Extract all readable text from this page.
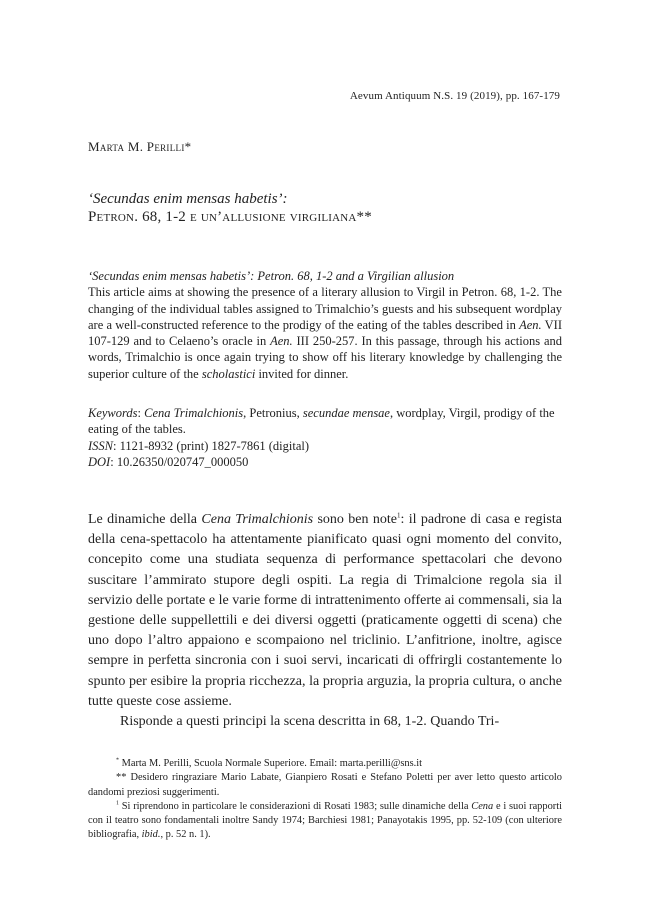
Aevum Antiquum N.S. 19 (2019), pp. 167-179
Marta M. Perilli*
‘Secundas enim mensas habetis’:
Petron. 68, 1-2 e un’allusione virgiliana**
‘Secundas enim mensas habetis’: Petron. 68, 1-2 and a Virgilian allusion
This article aims at showing the presence of a literary allusion to Virgil in Petron. 68, 1-2. The changing of the individual tables assigned to Trimalchio’s guests and his subsequent wordplay are a well-constructed reference to the prodigy of the eating of the tables described in Aen. VII 107-129 and to Celaeno’s oracle in Aen. III 250-257. In this passage, through his actions and words, Trimalchio is once again trying to show off his literary knowledge by challenging the superior culture of the scholastici invited for dinner.
Keywords: Cena Trimalchionis, Petronius, secundae mensae, wordplay, Virgil, prodigy of the eating of the tables.
ISSN: 1121-8932 (print) 1827-7861 (digital)
DOI: 10.26350/020747_000050

Le dinamiche della Cena Trimalchionis sono ben note$^1$: il padrone di casa e regista della cena-spettacolo ha attentamente pianificato quasi ogni momento del convito, concepito come una studiata sequenza di performance spettacolari che devono suscitare l’ammirato stupore degli ospiti. La regia di Trimalcione regola sia il servizio delle portate e le varie forme di intrattenimento offerte ai commensali, sia la gestione delle suppellettili e dei diversi oggetti (praticamente oggetti di scena) che uno dopo l’altro appaiono e scompaiono nel triclinio. L’anfitrione, inoltre, agisce sempre in perfetta sincronia con i suoi servi, incaricati di offrirgli costantemente lo spunto per esibire la propria ricchezza, la propria arguzia, la propria cultura, o anche tutte queste cose assieme.

Risponde a questi principi la scena descritta in 68, 1-2. Quando Tri-

* Marta M. Perilli, Scuola Normale Superiore. Email: marta.perilli@sns.it

** Desidero ringraziare Mario Labate, Gianpiero Rosati e Stefano Poletti per aver letto questo articolo dandomi preziosi suggerimenti.

$^1$ Si riprendono in particolare le considerazioni di Rosati 1983; sulle dinamiche della Cena e i suoi rapporti con il teatro sono fondamentali inoltre Sandy 1974; Barchiesi 1981; Panayotakis 1995, pp. 52-109 (con ulteriore bibliografia, ibid., p. 52 n. 1).
